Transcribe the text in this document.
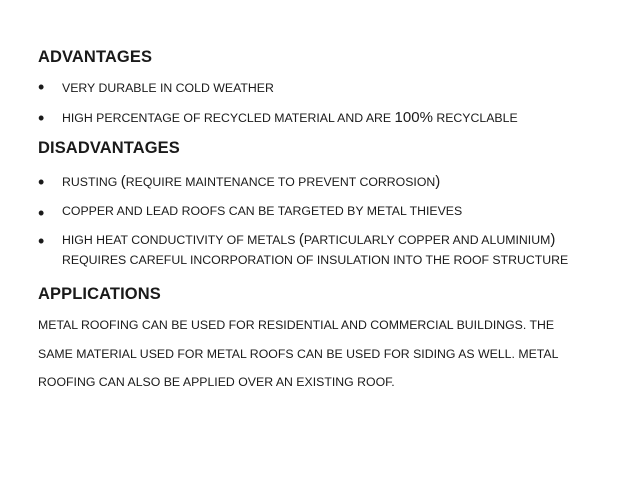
ADVANTAGES
• VERY DURABLE IN COLD WEATHER
• HIGH PERCENTAGE OF RECYCLED MATERIAL AND ARE 100% RECYCLABLE
DISADVANTAGES
• RUSTING (REQUIRE MAINTENANCE TO PREVENT CORROSION)
• COPPER AND LEAD ROOFS CAN BE TARGETED BY METAL THIEVES
• HIGH HEAT CONDUCTIVITY OF METALS (PARTICULARLY COPPER AND ALUMINIUM)
REQUIRES CAREFUL INCORPORATION OF INSULATION INTO THE ROOF STRUCTURE
APPLICATIONS
METAL ROOFING CAN BE USED FOR RESIDENTIAL AND COMMERCIAL BUILDINGS. THE
SAME MATERIAL USED FOR METAL ROOFS CAN BE USED FOR SIDING AS WELL. METAL
ROOFING CAN ALSO BE APPLIED OVER AN EXISTING ROOF.
